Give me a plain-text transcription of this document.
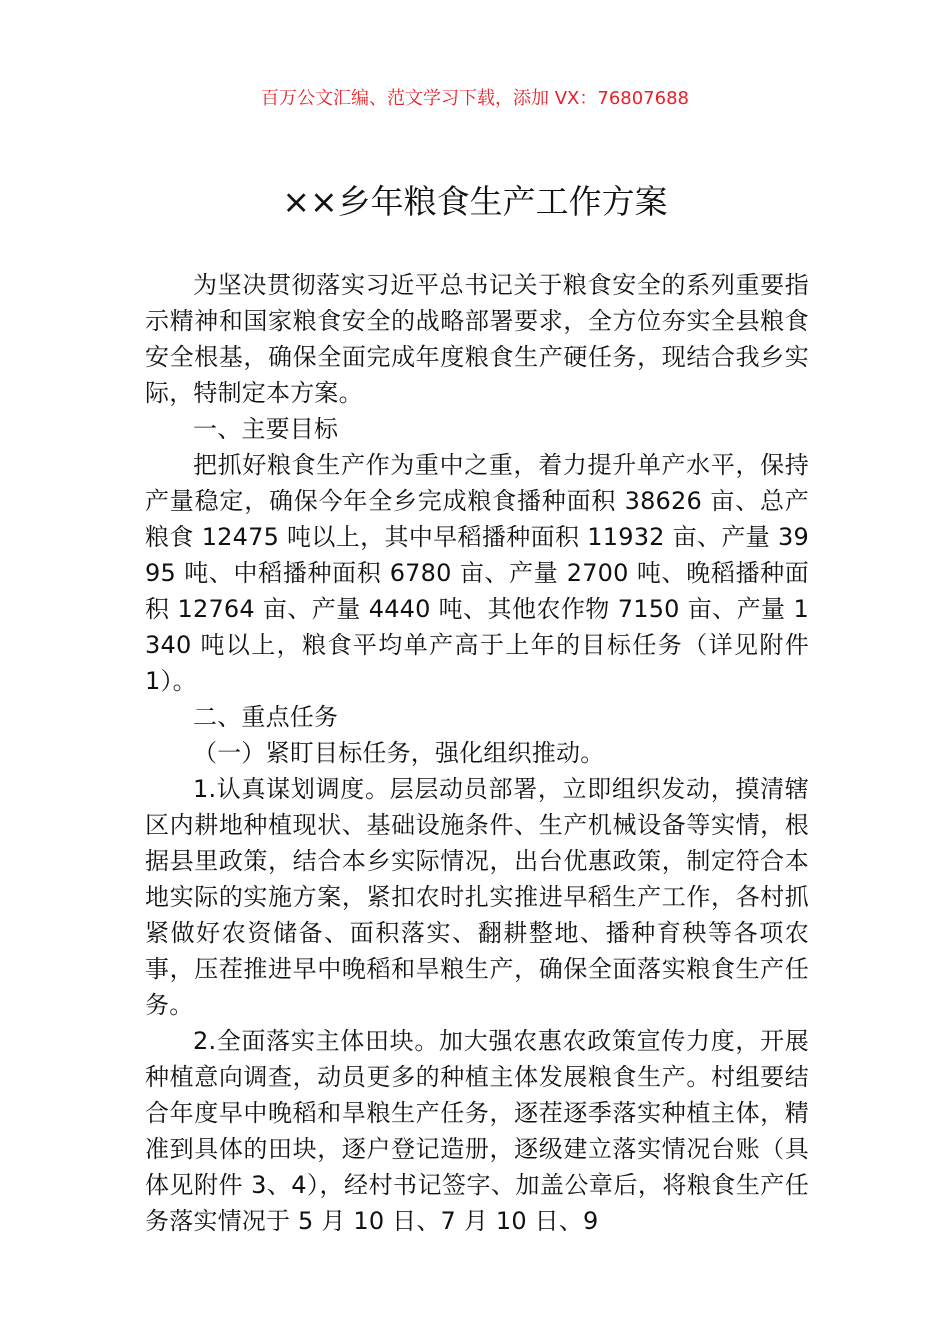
百万公文汇编、范文学习下载，添加 VX：76807688
××乡年粮食生产工作方案

为坚决贯彻落实习近平总书记关于粮食安全的系列重要指示精神和国家粮食安全的战略部署要求，全方位夯实全县粮食安全根基，确保全面完成年度粮食生产硬任务，现结合我乡实际，特制定本方案。

一、主要目标

把抓好粮食生产作为重中之重，着力提升单产水平，保持产量稳定，确保今年全乡完成粮食播种面积 38626 亩、总产粮食 12475 吨以上，其中早稻播种面积 11932 亩、产量 3995 吨、中稻播种面积 6780 亩、产量 2700 吨、晚稻播种面积 12764 亩、产量 4440 吨、其他农作物 7150 亩、产量 1340 吨以上，粮食平均单产高于上年的目标任务（详见附件 1）。

二、重点任务

（一）紧盯目标任务，强化组织推动。

1.认真谋划调度。层层动员部署，立即组织发动，摸清辖区内耕地种植现状、基础设施条件、生产机械设备等实情，根据县里政策，结合本乡实际情况，出台优惠政策，制定符合本地实际的实施方案，紧扣农时扎实推进早稻生产工作，各村抓紧做好农资储备、面积落实、翻耕整地、播种育秧等各项农事，压茬推进早中晚稻和旱粮生产，确保全面落实粮食生产任务。

2.全面落实主体田块。加大强农惠农政策宣传力度，开展种植意向调查，动员更多的种植主体发展粮食生产。村组要结合年度早中晚稻和旱粮生产任务，逐茬逐季落实种植主体，精准到具体的田块，逐户登记造册，逐级建立落实情况台账（具体见附件 3、4），经村书记签字、加盖公章后，将粮食生产任务落实情况于 5 月 10 日、7 月 10 日、9
